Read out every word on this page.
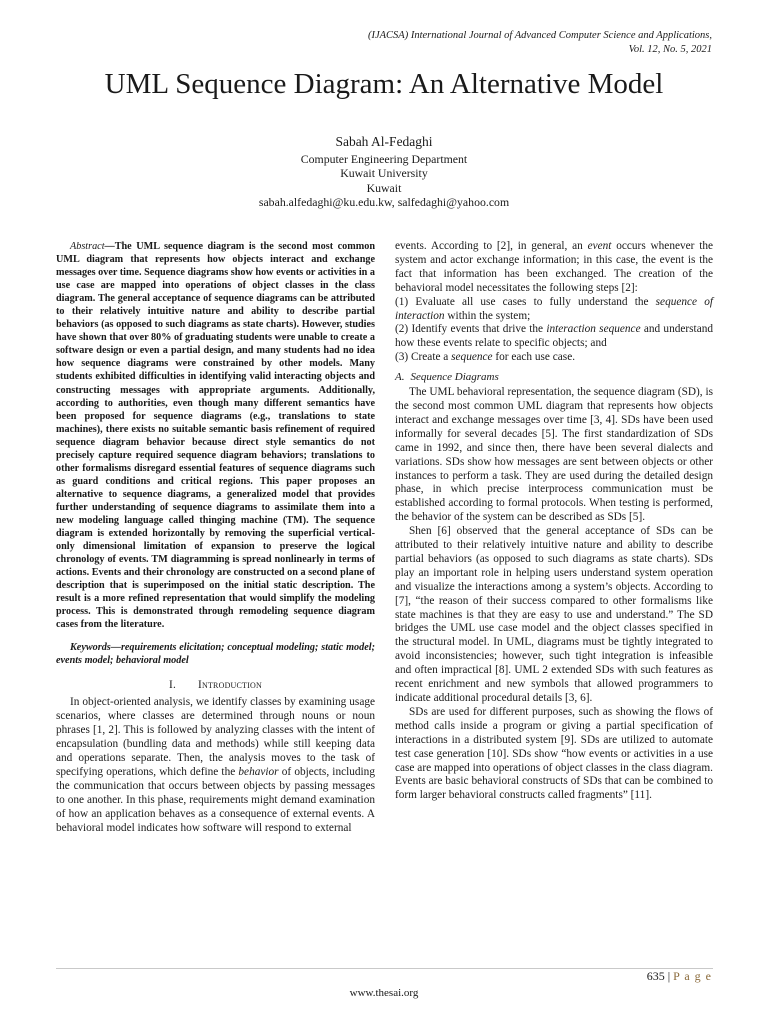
(IJACSA) International Journal of Advanced Computer Science and Applications,
Vol. 12, No. 5, 2021
UML Sequence Diagram: An Alternative Model
Sabah Al-Fedaghi
Computer Engineering Department
Kuwait University
Kuwait
sabah.alfedaghi@ku.edu.kw, salfedaghi@yahoo.com

Abstract—The UML sequence diagram is the second most common UML diagram that represents how objects interact and exchange messages over time. Sequence diagrams show how events or activities in a use case are mapped into operations of object classes in the class diagram. The general acceptance of sequence diagrams can be attributed to their relatively intuitive nature and ability to describe partial behaviors (as opposed to such diagrams as state charts). However, studies have shown that over 80% of graduating students were unable to create a software design or even a partial design, and many students had no idea how sequence diagrams were constrained by other models. Many students exhibited difficulties in identifying valid interacting objects and constructing messages with appropriate arguments. Additionally, according to authorities, even though many different semantics have been proposed for sequence diagrams (e.g., translations to state machines), there exists no suitable semantic basis refinement of required sequence diagram behavior because direct style semantics do not precisely capture required sequence diagram behaviors; translations to other formalisms disregard essential features of sequence diagrams such as guard conditions and critical regions. This paper proposes an alternative to sequence diagrams, a generalized model that provides further understanding of sequence diagrams to assimilate them into a new modeling language called thinging machine (TM). The sequence diagram is extended horizontally by removing the superficial vertical-only dimensional limitation of expansion to preserve the logical chronology of events. TM diagramming is spread nonlinearly in terms of actions. Events and their chronology are constructed on a second plane of description that is superimposed on the initial static description. The result is a more refined representation that would simplify the modeling process. This is demonstrated through remodeling sequence diagram cases from the literature.

Keywords—requirements elicitation; conceptual modeling; static model; events model; behavioral model

I. Introduction

In object-oriented analysis, we identify classes by examining usage scenarios, where classes are determined through nouns or noun phrases [1, 2]. This is followed by analyzing classes with the intent of encapsulation (bundling data and methods) while still keeping data and operations separate. Then, the analysis moves to the task of specifying operations, which define the behavior of objects, including the communication that occurs between objects by passing messages to one another. In this phase, requirements might demand examination of how an application behaves as a consequence of external events. A behavioral model indicates how software will respond to external

events. According to [2], in general, an event occurs whenever the system and actor exchange information; in this case, the event is the fact that information has been exchanged. The creation of the behavioral model necessitates the following steps [2]:

(1) Evaluate all use cases to fully understand the sequence of interaction within the system;

(2) Identify events that drive the interaction sequence and understand how these events relate to specific objects; and

(3) Create a sequence for each use case.

A. Sequence Diagrams

The UML behavioral representation, the sequence diagram (SD), is the second most common UML diagram that represents how objects interact and exchange messages over time [3, 4]. SDs have been used informally for several decades [5]. The first standardization of SDs came in 1992, and since then, there have been several dialects and variations. SDs show how messages are sent between objects or other instances to perform a task. They are used during the detailed design phase, in which precise interprocess communication must be established according to formal protocols. When testing is performed, the behavior of the system can be described as SDs [5].

Shen [6] observed that the general acceptance of SDs can be attributed to their relatively intuitive nature and ability to describe partial behaviors (as opposed to such diagrams as state charts). SDs play an important role in helping users understand system operation and visualize the interactions among a system’s objects. According to [7], “the reason of their success compared to other formalisms like state machines is that they are easy to use and understand.” The SD bridges the UML use case model and the object classes specified in the structural model. In UML, diagrams must be tightly integrated to avoid inconsistencies; however, such tight integration is infeasible and often impractical [8]. UML 2 extended SDs with such features as recent enrichment and new symbols that allowed programmers to indicate additional procedural details [3, 6].

SDs are used for different purposes, such as showing the flows of method calls inside a program or giving a partial specification of interactions in a distributed system [9]. SDs are utilized to automate test case generation [10]. SDs show “how events or activities in a use case are mapped into operations of object classes in the class diagram. Events are basic behavioral constructs of SDs that can be combined to form larger behavioral constructs called fragments” [11].

635 | P a g e
www.thesai.org
